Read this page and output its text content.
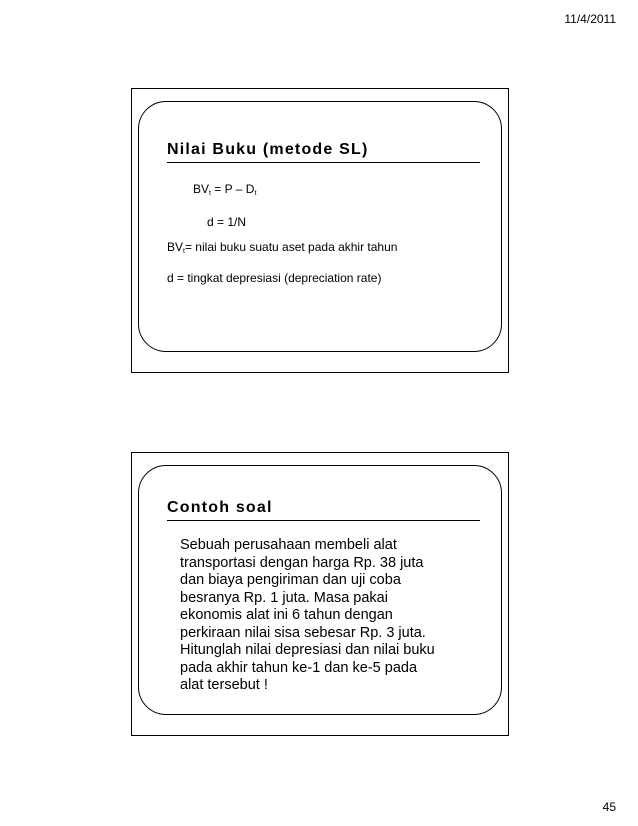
11/4/2011
Nilai Buku (metode SL)
$BV_t = P - D_t$
d = 1/N
$BV_t=$ nilai buku suatu aset pada akhir tahun
d = tingkat depresiasi (depreciation rate)
Contoh soal
Sebuah perusahaan membeli alat
transportasi dengan harga Rp. 38 juta
dan biaya pengiriman dan uji coba
besranya Rp. 1 juta. Masa pakai
ekonomis alat ini 6 tahun dengan
perkiraan nilai sisa sebesar Rp. 3 juta.
Hitunglah nilai depresiasi dan nilai buku
pada akhir tahun ke-1 dan ke-5 pada
alat tersebut !
45
